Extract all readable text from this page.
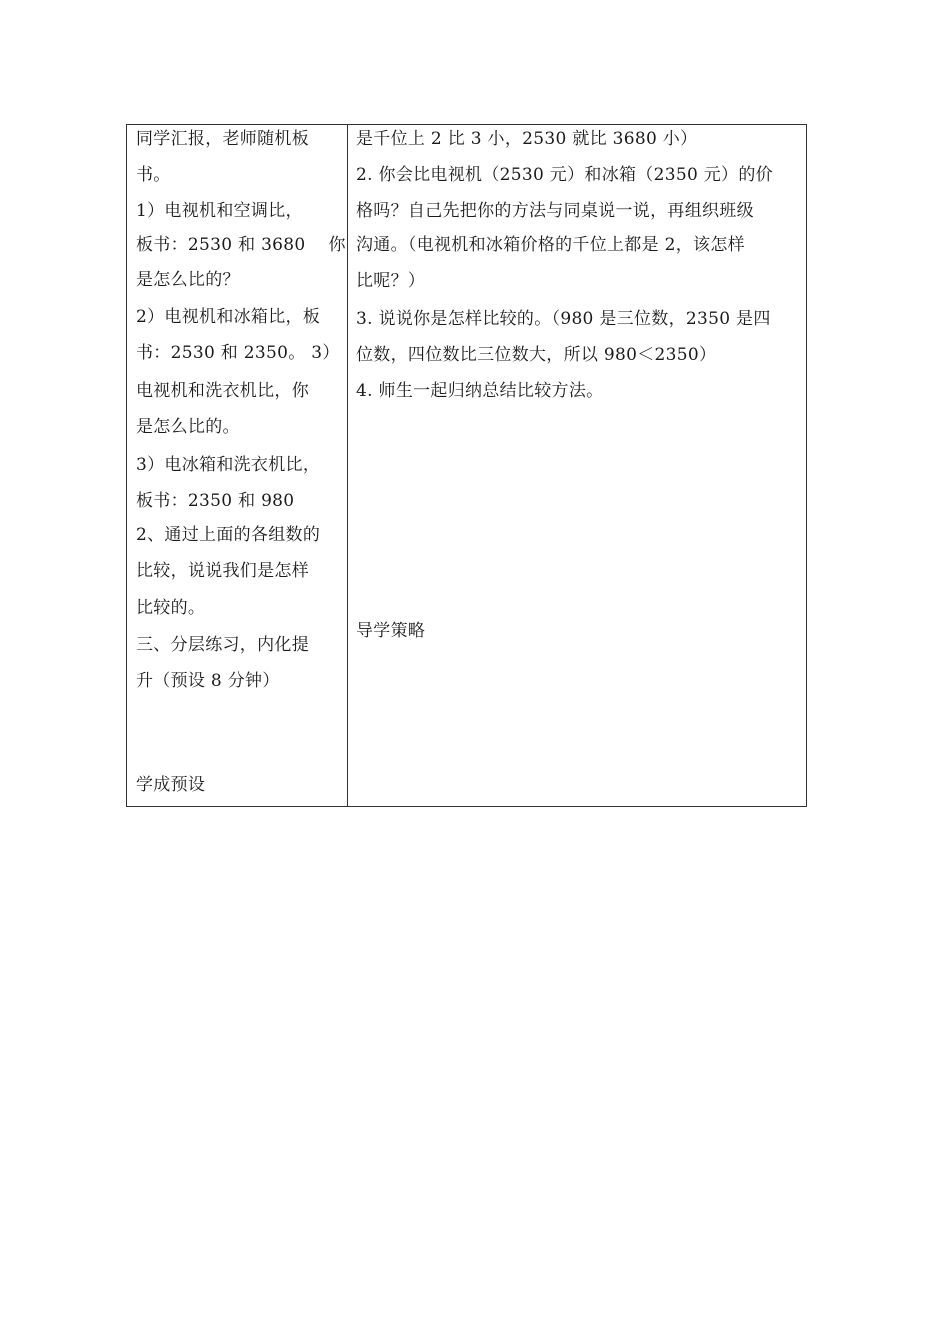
同学汇报，老师随机板
书。
1）电视机和空调比，
板书：2530 和 3680　 你
是怎么比的？
2）电视机和冰箱比，板
书：2530 和 2350。 3）
电视机和洗衣机比，你
是怎么比的。
3）电冰箱和洗衣机比，
板书：2350 和 980
2、通过上面的各组数的
比较，说说我们是怎样
比较的。
三、分层练习，内化提
升（预设 8 分钟）
学成预设
是千位上 2 比 3 小，2530 就比 3680 小）
2. 你会比电视机（2530 元）和冰箱（2350 元）的价
格吗？自己先把你的方法与同桌说一说，再组织班级
沟通。（电视机和冰箱价格的千位上都是 2，该怎样
比呢？）
3. 说说你是怎样比较的。（980 是三位数，2350 是四
位数，四位数比三位数大，所以 980＜2350）
4. 师生一起归纳总结比较方法。
导学策略
